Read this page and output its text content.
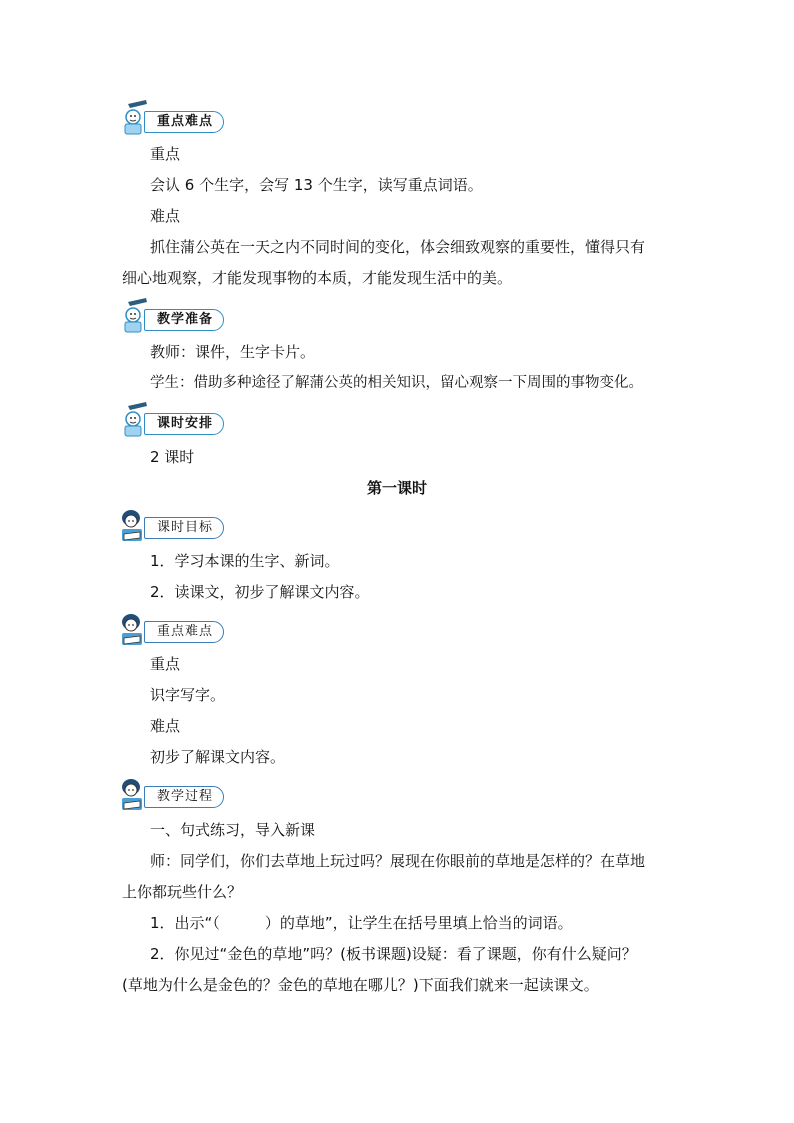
重点难点
重点
会认 6 个生字，会写 13 个生字，读写重点词语。
难点
抓住蒲公英在一天之内不同时间的变化，体会细致观察的重要性，懂得只有
细心地观察，才能发现事物的本质，才能发现生活中的美。
教学准备
教师：课件，生字卡片。
学生：借助多种途径了解蒲公英的相关知识，留心观察一下周围的事物变化。
课时安排
2 课时
第一课时
课时目标
1．学习本课的生字、新词。
2．读课文，初步了解课文内容。
重点难点
重点
识字写字。
难点
初步了解课文内容。
教学过程
一、句式练习，导入新课
师：同学们，你们去草地上玩过吗？展现在你眼前的草地是怎样的？在草地
上你都玩些什么？
1．出示“（　　　）的草地”，让学生在括号里填上恰当的词语。
2．你见过“金色的草地”吗？(板书课题)设疑：看了课题，你有什么疑问？
(草地为什么是金色的？金色的草地在哪儿？)下面我们就来一起读课文。
